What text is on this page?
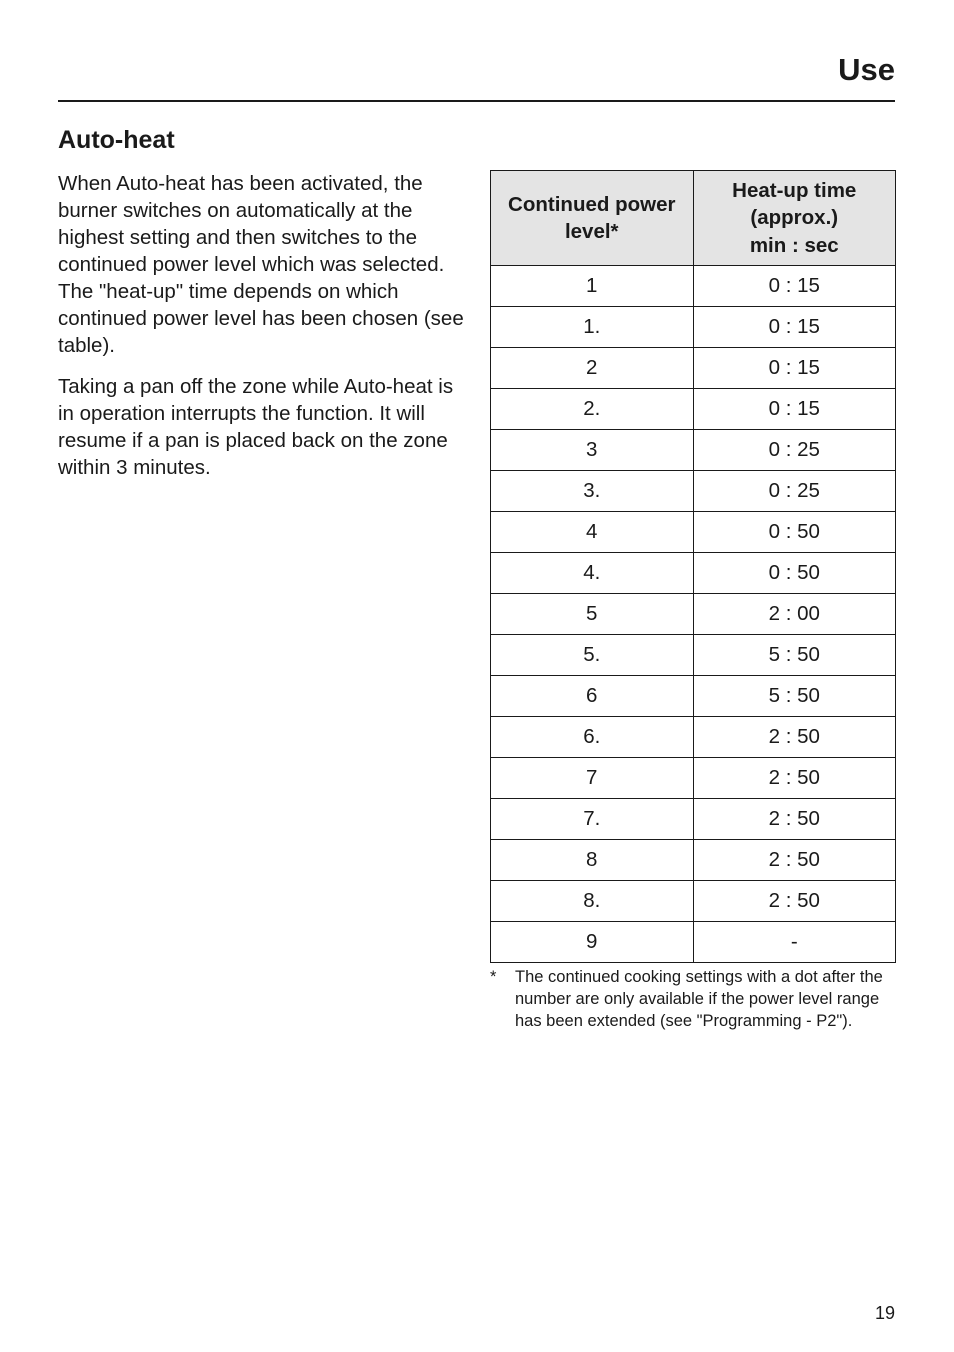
Use
Auto-heat

When Auto-heat has been activated, the burner switches on automatically at the highest setting and then switches to the continued power level which was selected. The "heat-up" time depends on which continued power level has been chosen (see table).

Taking a pan off the zone while Auto-heat is in operation interrupts the function. It will resume if a pan is placed back on the zone within 3 minutes.

Continued power
level*	Heat-up time
(approx.)
min : sec

1	0 : 15
1.	0 : 15
2	0 : 15
2.	0 : 15
3	0 : 25
3.	0 : 25
4	0 : 50
4.	0 : 50
5	2 : 00
5.	5 : 50
6	5 : 50
6.	2 : 50
7	2 : 50
7.	2 : 50
8	2 : 50
8.	2 : 50
9	-
* The continued cooking settings with a dot after the number are only available if the power level range has been extended (see "Programming - P2").
19
